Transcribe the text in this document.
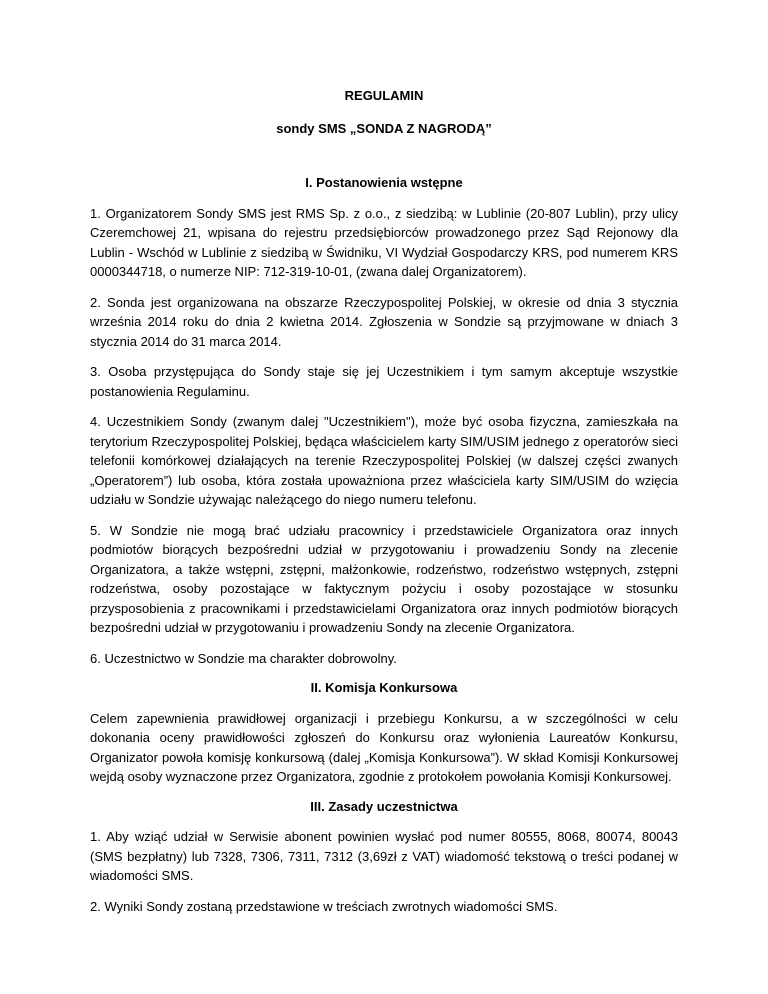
REGULAMIN

sondy SMS „SONDA Z NAGRODĄ”

I. Postanowienia wstępne

1. Organizatorem Sondy SMS jest RMS Sp. z o.o., z siedzibą: w Lublinie (20-807 Lublin), przy ulicy Czeremchowej 21, wpisana do rejestru przedsiębiorców prowadzonego przez Sąd Rejonowy dla Lublin - Wschód w Lublinie z siedzibą w Świdniku, VI Wydział Gospodarczy KRS, pod numerem KRS 0000344718, o numerze NIP: 712-319-10-01, (zwana dalej Organizatorem).

2. Sonda jest organizowana na obszarze Rzeczypospolitej Polskiej, w okresie od dnia 3 stycznia września 2014 roku do dnia 2 kwietna 2014. Zgłoszenia w Sondzie są przyjmowane w dniach 3 stycznia 2014 do 31 marca 2014.

3. Osoba przystępująca do Sondy staje się jej Uczestnikiem i tym samym akceptuje wszystkie postanowienia Regulaminu.

4. Uczestnikiem Sondy (zwanym dalej "Uczestnikiem"), może być osoba fizyczna, zamieszkała na terytorium Rzeczypospolitej Polskiej, będąca właścicielem karty SIM/USIM jednego z operatorów sieci telefonii komórkowej działających na terenie Rzeczypospolitej Polskiej (w dalszej części zwanych „Operatorem”) lub osoba, która została upoważniona przez właściciela karty SIM/USIM do wzięcia udziału w Sondzie używając należącego do niego numeru telefonu.

5. W Sondzie nie mogą brać udziału pracownicy i przedstawiciele Organizatora oraz innych podmiotów biorących bezpośredni udział w przygotowaniu i prowadzeniu Sondy na zlecenie Organizatora, a także wstępni, zstępni, małżonkowie, rodzeństwo, rodzeństwo wstępnych, zstępni rodzeństwa, osoby pozostające w faktycznym pożyciu i osoby pozostające w stosunku przysposobienia z pracownikami i przedstawicielami Organizatora oraz innych podmiotów biorących bezpośredni udział w przygotowaniu i prowadzeniu Sondy na zlecenie Organizatora.

6. Uczestnictwo w Sondzie ma charakter dobrowolny.

II. Komisja Konkursowa

Celem zapewnienia prawidłowej organizacji i przebiegu Konkursu, a w szczególności w celu dokonania oceny prawidłowości zgłoszeń do Konkursu oraz wyłonienia Laureatów Konkursu, Organizator powoła komisję konkursową (dalej „Komisja Konkursowa”). W skład Komisji Konkursowej wejdą osoby wyznaczone przez Organizatora, zgodnie z protokołem powołania Komisji Konkursowej.

III. Zasady uczestnictwa

1. Aby wziąć udział w Serwisie abonent powinien wysłać pod numer 80555, 8068, 80074, 80043 (SMS bezpłatny) lub 7328, 7306, 7311, 7312 (3,69zł z VAT) wiadomość tekstową o treści podanej w wiadomości SMS.

2. Wyniki Sondy zostaną przedstawione w treściach zwrotnych wiadomości SMS.
